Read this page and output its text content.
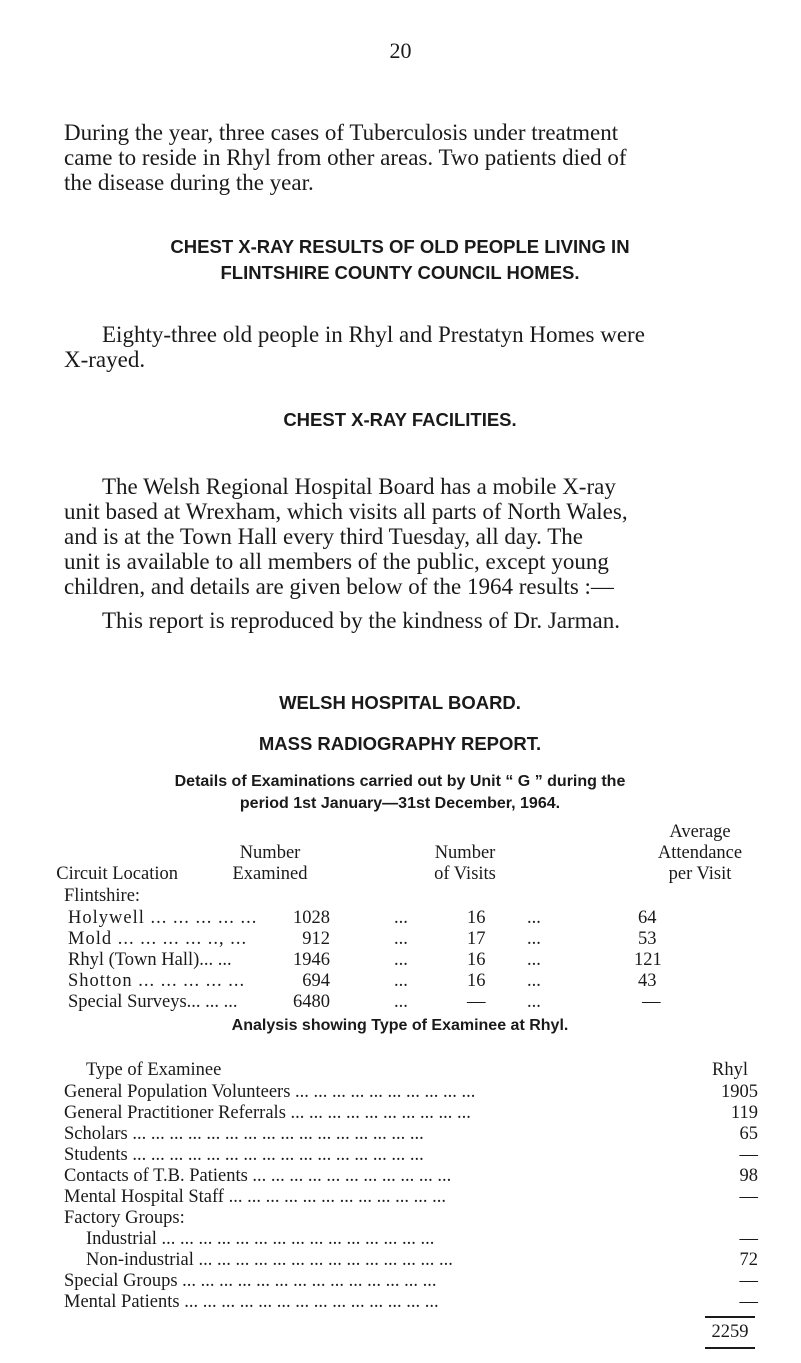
20
During the year, three cases of Tuberculosis under treatment
came to reside in Rhyl from other areas. Two patients died of
the disease during the year.
CHEST X-RAY RESULTS OF OLD PEOPLE LIVING IN
FLINTSHIRE COUNTY COUNCIL HOMES.
Eighty-three old people in Rhyl and Prestatyn Homes were
X-rayed.
CHEST X-RAY FACILITIES.
The Welsh Regional Hospital Board has a mobile X-ray
unit based at Wrexham, which visits all parts of North Wales,
and is at the Town Hall every third Tuesday, all day. The
unit is available to all members of the public, except young
children, and details are given below of the 1964 results :—
This report is reproduced by the kindness of Dr. Jarman.
WELSH HOSPITAL BOARD.
MASS RADIOGRAPHY REPORT.
Details of Examinations carried out by Unit “ G ” during the
period 1st January—31st December, 1964.
Average
Number	Number	Attendance
Circuit Location	Examined	of Visits	per Visit
Flintshire:
Holywell ... ... ... ... ...	1028	...	16	...	64
Mold ... ... ... ... .., ...	912	...	17	...	53
Rhyl (Town Hall)... ...	1946	...	16	...	121
Shotton ... ... ... ... ...	694	...	16	...	43
Special Surveys... ... ...	6480	...	—	...	—
Analysis showing Type of Examinee at Rhyl.
Type of Examinee	Rhyl
General Population Volunteers ... ... ... ... ... ... ... ... ... ...	1905
General Practitioner Referrals ... ... ... ... ... ... ... ... ... ...	119
Scholars ... ... ... ... ... ... ... ... ... ... ... ... ... ... ... ...	65
Students ... ... ... ... ... ... ... ... ... ... ... ... ... ... ... ...	—
Contacts of T.B. Patients ... ... ... ... ... ... ... ... ... ... ...	98
Mental Hospital Staff ... ... ... ... ... ... ... ... ... ... ... ...	—
Factory Groups:
Industrial ... ... ... ... ... ... ... ... ... ... ... ... ... ... ...	—
Non-industrial ... ... ... ... ... ... ... ... ... ... ... ... ... ...	72
Special Groups ... ... ... ... ... ... ... ... ... ... ... ... ... ...	—
Mental Patients ... ... ... ... ... ... ... ... ... ... ... ... ... ...	—
2259
